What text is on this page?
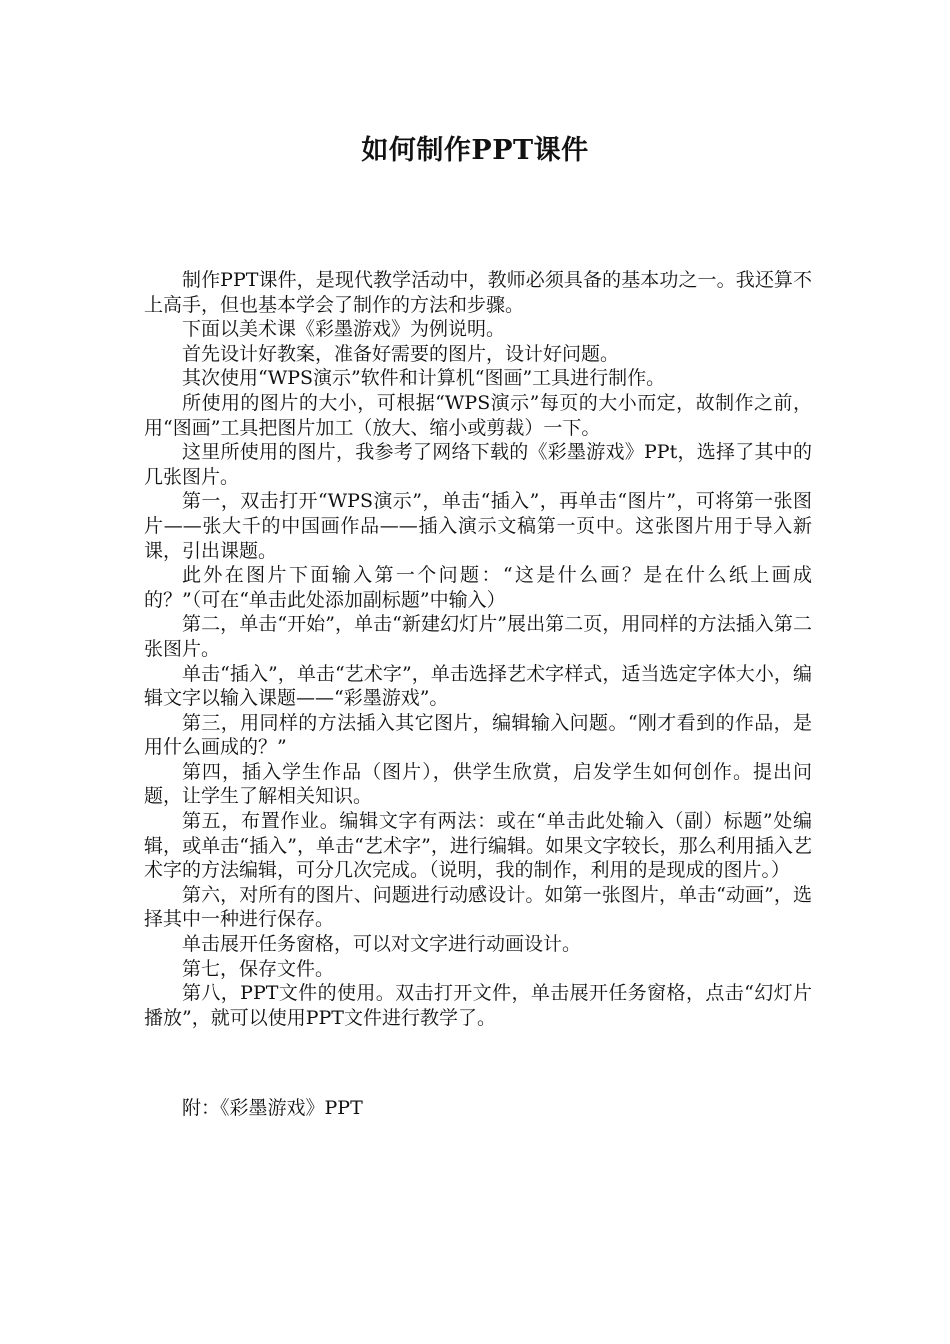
如何制作PPT课件

制作PPT课件，是现代教学活动中，教师必须具备的基本功之一。我还算不上高手，但也基本学会了制作的方法和步骤。

下面以美术课《彩墨游戏》为例说明。

首先设计好教案，准备好需要的图片，设计好问题。

其次使用“WPS演示”软件和计算机“图画”工具进行制作。

所使用的图片的大小，可根据“WPS演示”每页的大小而定，故制作之前，用“图画”工具把图片加工（放大、缩小或剪裁）一下。

这里所使用的图片，我参考了网络下载的《彩墨游戏》PPt，选择了其中的几张图片。

第一，双击打开“WPS演示”，单击“插入”，再单击“图片”，可将第一张图片——张大千的中国画作品——插入演示文稿第一页中。这张图片用于导入新课，引出课题。

此外在图片下面输入第一个问题：“这是什么画？是在什么纸上画成的？”（可在“单击此处添加副标题”中输入）

第二，单击“开始”，单击“新建幻灯片”展出第二页，用同样的方法插入第二张图片。

单击“插入”，单击“艺术字”，单击选择艺术字样式，适当选定字体大小，编辑文字以输入课题——“彩墨游戏”。

第三，用同样的方法插入其它图片，编辑输入问题。“刚才看到的作品，是用什么画成的？”

第四，插入学生作品（图片），供学生欣赏，启发学生如何创作。提出问题，让学生了解相关知识。

第五，布置作业。编辑文字有两法：或在“单击此处输入（副）标题”处编辑，或单击“插入”，单击“艺术字”，进行编辑。如果文字较长，那么利用插入艺术字的方法编辑，可分几次完成。（说明，我的制作，利用的是现成的图片。）

第六，对所有的图片、问题进行动感设计。如第一张图片，单击“动画”，选择其中一种进行保存。

单击展开任务窗格，可以对文字进行动画设计。

第七，保存文件。

第八，PPT文件的使用。双击打开文件，单击展开任务窗格，点击“幻灯片播放”，就可以使用PPT文件进行教学了。

附：《彩墨游戏》PPT
